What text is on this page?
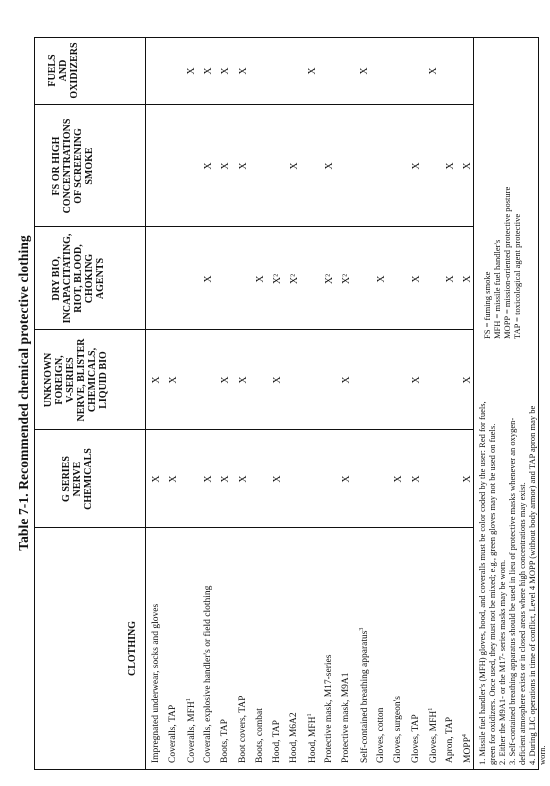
Table 7-1. Recommended chemical protective clothing
CLOTHING
G SERIES
NERVE
CHEMICALS
UNKNOWN
FOREIGN,
V-SERIES
NERVE, BLISTER
CHEMICALS,
LIQUID BIO
DRY BIO,
INCAPACITATING,
RIOT, BLOOD,
CHOKING
AGENTS
FS OR HIGH
CONCENTRATIONS
OF SCREENING
SMOKE
FUELS
AND
OXIDIZERS
Impregnated underwear, socks and gloves
X
X
Coveralls, TAP
X
X
Coveralls, MFH$^1$
X
Coveralls, explosive handler's or field clothing
X
X
X
X
Boots, TAP
X
X
X
X
Boot covers, TAP
X
X
X
X
Boots, combat
X
Hood, TAP
X
X
X²
Hood, M6A2
X²
X
Hood, MFH$^1$
X
Protective mask, M17-series
X²
X
Protective mask, M9A1
X
X
X²
Self-contained breathing apparatus$^3$
X
Gloves, cotton
X
Gloves, surgeon's
X
Gloves, TAP
X
X
X
X
Gloves, MFH$^1$
X
Apron, TAP
X
X
MOPP$^4$
X
X
X
X
1. Missile fuel handler's (MFH) gloves, hood, and coveralls must be color coded by the user: Red for fuels, green for oxidizers. Once used, they must not be mixed; e.g., green gloves may not be used on fuels. 2. Either the M9A1- or the M17- series masks may be worn. 3. Self-contained breathing apparatus should be used in lieu of protective masks whenever an oxygen-deficient atmosphere exists or in closed areas where high concentrations may exist. 4. During LIC operations in time of conflict, Level 4 MOPP (without body armor) and TAP apron may be worn.
FS = fuming smoke MFH = missile fuel handler's MOPP = mission-oriented protective posture TAP = toxicological agent protective
